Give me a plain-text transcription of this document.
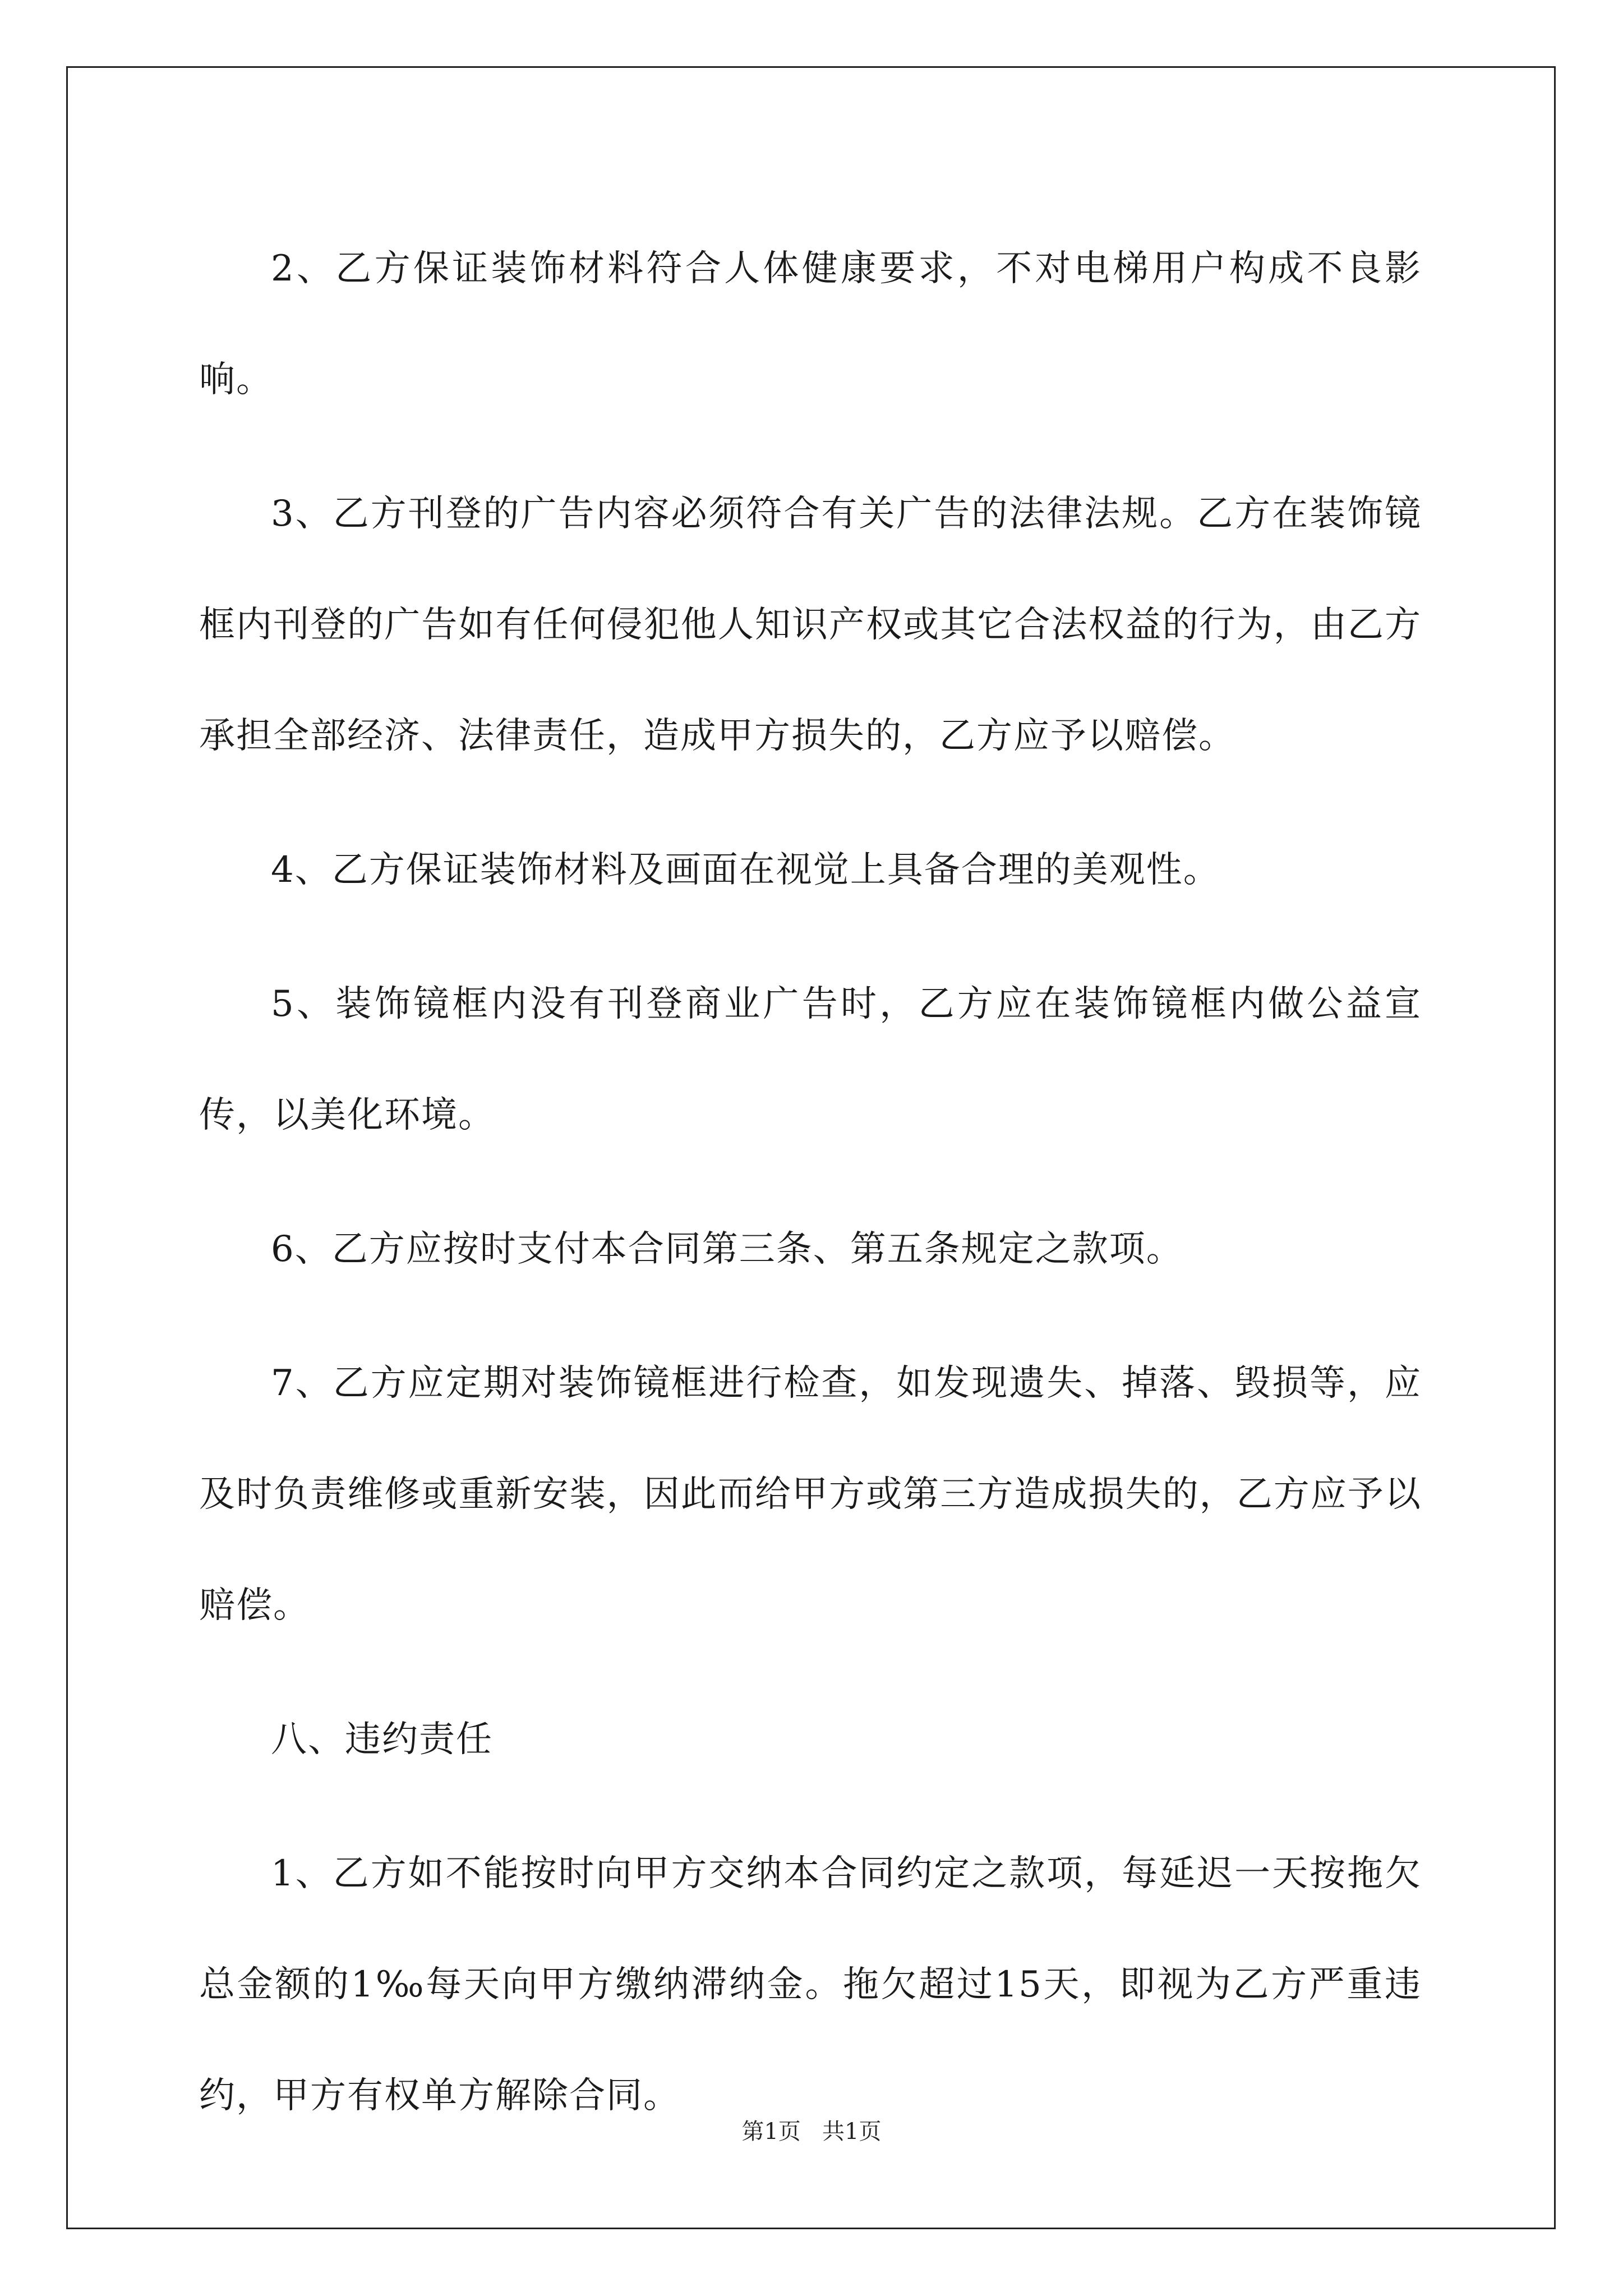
2、乙方保证装饰材料符合人体健康要求，不对电梯用户构成不良影响。

3、乙方刊登的广告内容必须符合有关广告的法律法规。乙方在装饰镜框内刊登的广告如有任何侵犯他人知识产权或其它合法权益的行为，由乙方承担全部经济、法律责任，造成甲方损失的，乙方应予以赔偿。

4、乙方保证装饰材料及画面在视觉上具备合理的美观性。

5、装饰镜框内没有刊登商业广告时，乙方应在装饰镜框内做公益宣传，以美化环境。

6、乙方应按时支付本合同第三条、第五条规定之款项。

7、乙方应定期对装饰镜框进行检查，如发现遗失、掉落、毁损等，应及时负责维修或重新安装，因此而给甲方或第三方造成损失的，乙方应予以赔偿。

八、违约责任

1、乙方如不能按时向甲方交纳本合同约定之款项，每延迟一天按拖欠总金额的1‰每天向甲方缴纳滞纳金。拖欠超过15天，即视为乙方严重违约，甲方有权单方解除合同。

第1页   共1页
